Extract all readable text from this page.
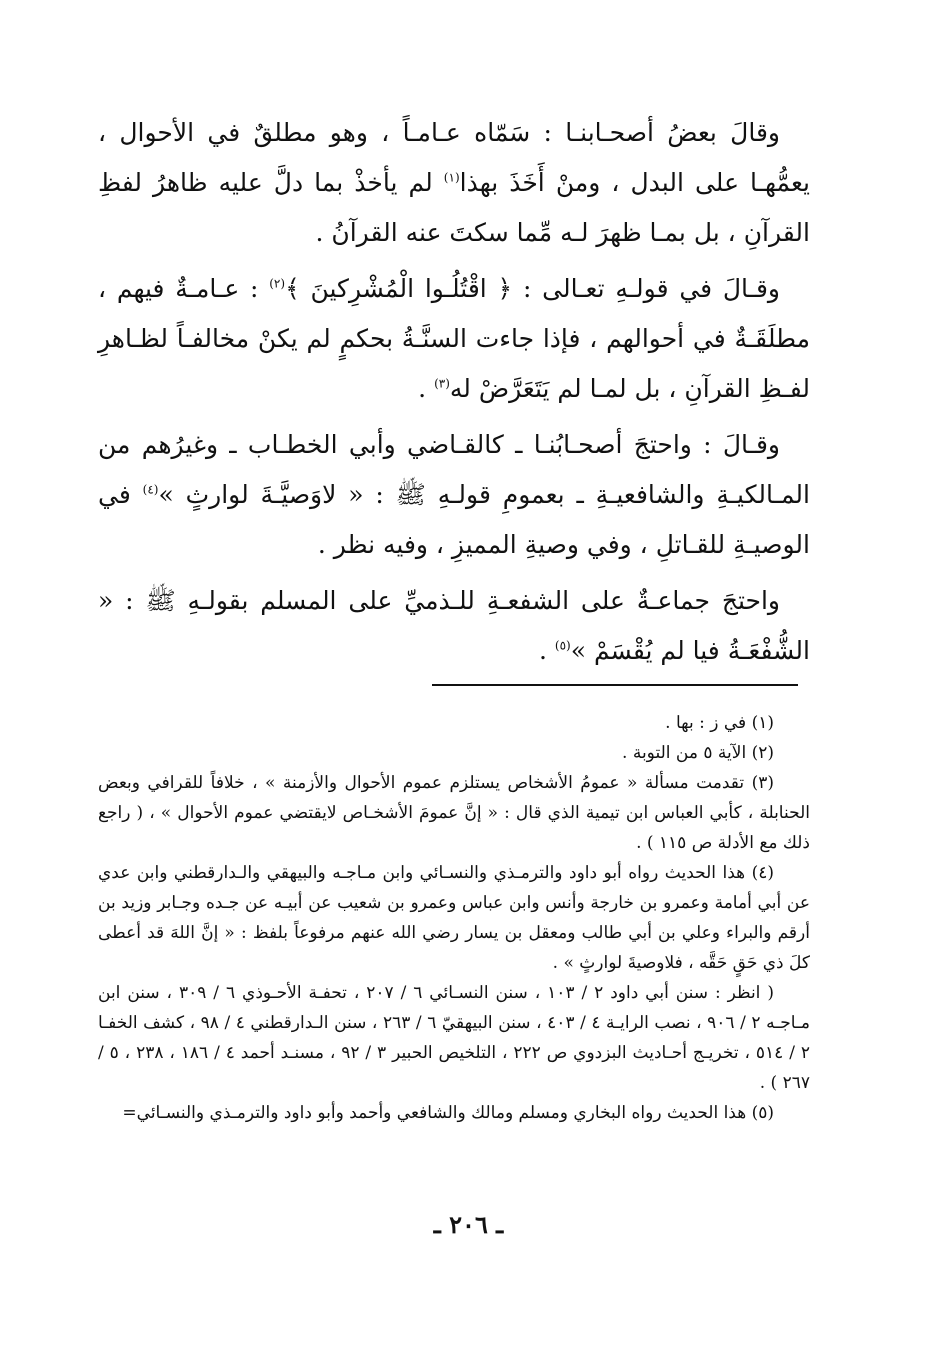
وقالَ بعضُ أصحـابنـا : سَمّاه عـامـاً ، وهو مطلقٌ في الأحوال ، يعمُّهـا على البدل ، ومنْ أَخَذَ بهذا$^{(١)}$ لم يأخذْ بما دلَّ عليه ظاهرُ لفظِ القرآنِ ، بل بمـا ظهرَ لـه مِّما سكتَ عنه القرآنُ .

وقـالَ في قولـهِ تعـالى : ﴿ اقْتُلُـوا الْمُشْرِكينَ ﴾$^{(٢)}$ : عـامـةٌ فيهم ، مطلَقَـةٌ في أحوالهم ، فإذا جاءت السنَّـةُ بحكمٍ لم يكنْ مخالفـاً لظـاهرِ لفـظِ القرآنِ ، بل لمـا لم يَتَعَرَّضْ له$^{(٣)}$ .

وقـالَ : واحتجَ أصحـابُنـا ـ كالقـاضي وأبي الخطـاب ـ وغيرُهم من المـالكيـةِ والشافعيـةِ ـ بعمومِ قولـهِ ﷺ : « لاوَصيَّـةَ لوارثٍ »$^{(٤)}$ في الوصيـةِ للقـاتلِ ، وفي وصيةِ المميزِ ، وفيه نظر .

واحتجَ جماعـةٌ على الشفعـةِ للـذميِّ على المسلم بقولـهِ ﷺ : « الشُّفْعَـةُ فيا لم يُقْسَمْ »$^{(٥)}$ .

(١) في ز : بها .

(٢) الآية ٥ من التوبة .

(٣) تقدمت مسألة « عمومُ الأشخاص يستلزم عموم الأحوال والأزمنة » ، خلافاً للقرافي وبعض الحنابلة ، كأبي العباس ابن تيمية الذي قال : « إنَّ عمومَ الأشخـاص لايقتضي عموم الأحوال » ، ( راجع ذلك مع الأدلة ص ١١٥ ) .

(٤) هذا الحديث رواه أبو داود والترمـذي والنسـائي وابن مـاجـه والبيهقي والـدارقطني وابن عدي عن أبي أمامة وعمرو بن خارجة وأنس وابن عباس وعمرو بن شعيب عن أبيـه عن جـده وجـابر وزيد بن أرقم والبراء وعلي بن أبي طالب ومعقل بن يسار رضي الله عنهم مرفوعاً بلفظ : « إنَّ اللهَ قد أعطى كلَ ذي حَقٍ حَقَّه ، فلاوصيةَ لوارثٍ » .

( انظر : سنن أبي داود ٢ / ١٠٣ ، سنن النسـائي ٦ / ٢٠٧ ، تحفـة الأحـوذي ٦ / ٣٠٩ ، سنن ابن مـاجـه ٢ / ٩٠٦ ، نصب الرايـة ٤ / ٤٠٣ ، سنن البيهقيّ ٦ / ٢٦٣ ، سنن الـدارقطني ٤ / ٩٨ ، كشف الخفـا ٢ / ٥١٤ ، تخريـج أحـاديث البزدوي ص ٢٢٢ ، التلخيص الحبير ٣ / ٩٢ ، مسنـد أحمد ٤ / ١٨٦ ، ٢٣٨ ، ٥ / ٢٦٧ ) .

(٥) هذا الحديث رواه البخاري ومسلم ومالك والشافعي وأحمد وأبو داود والترمـذي والنسـائي=

ـ ٢٠٦ ـ
